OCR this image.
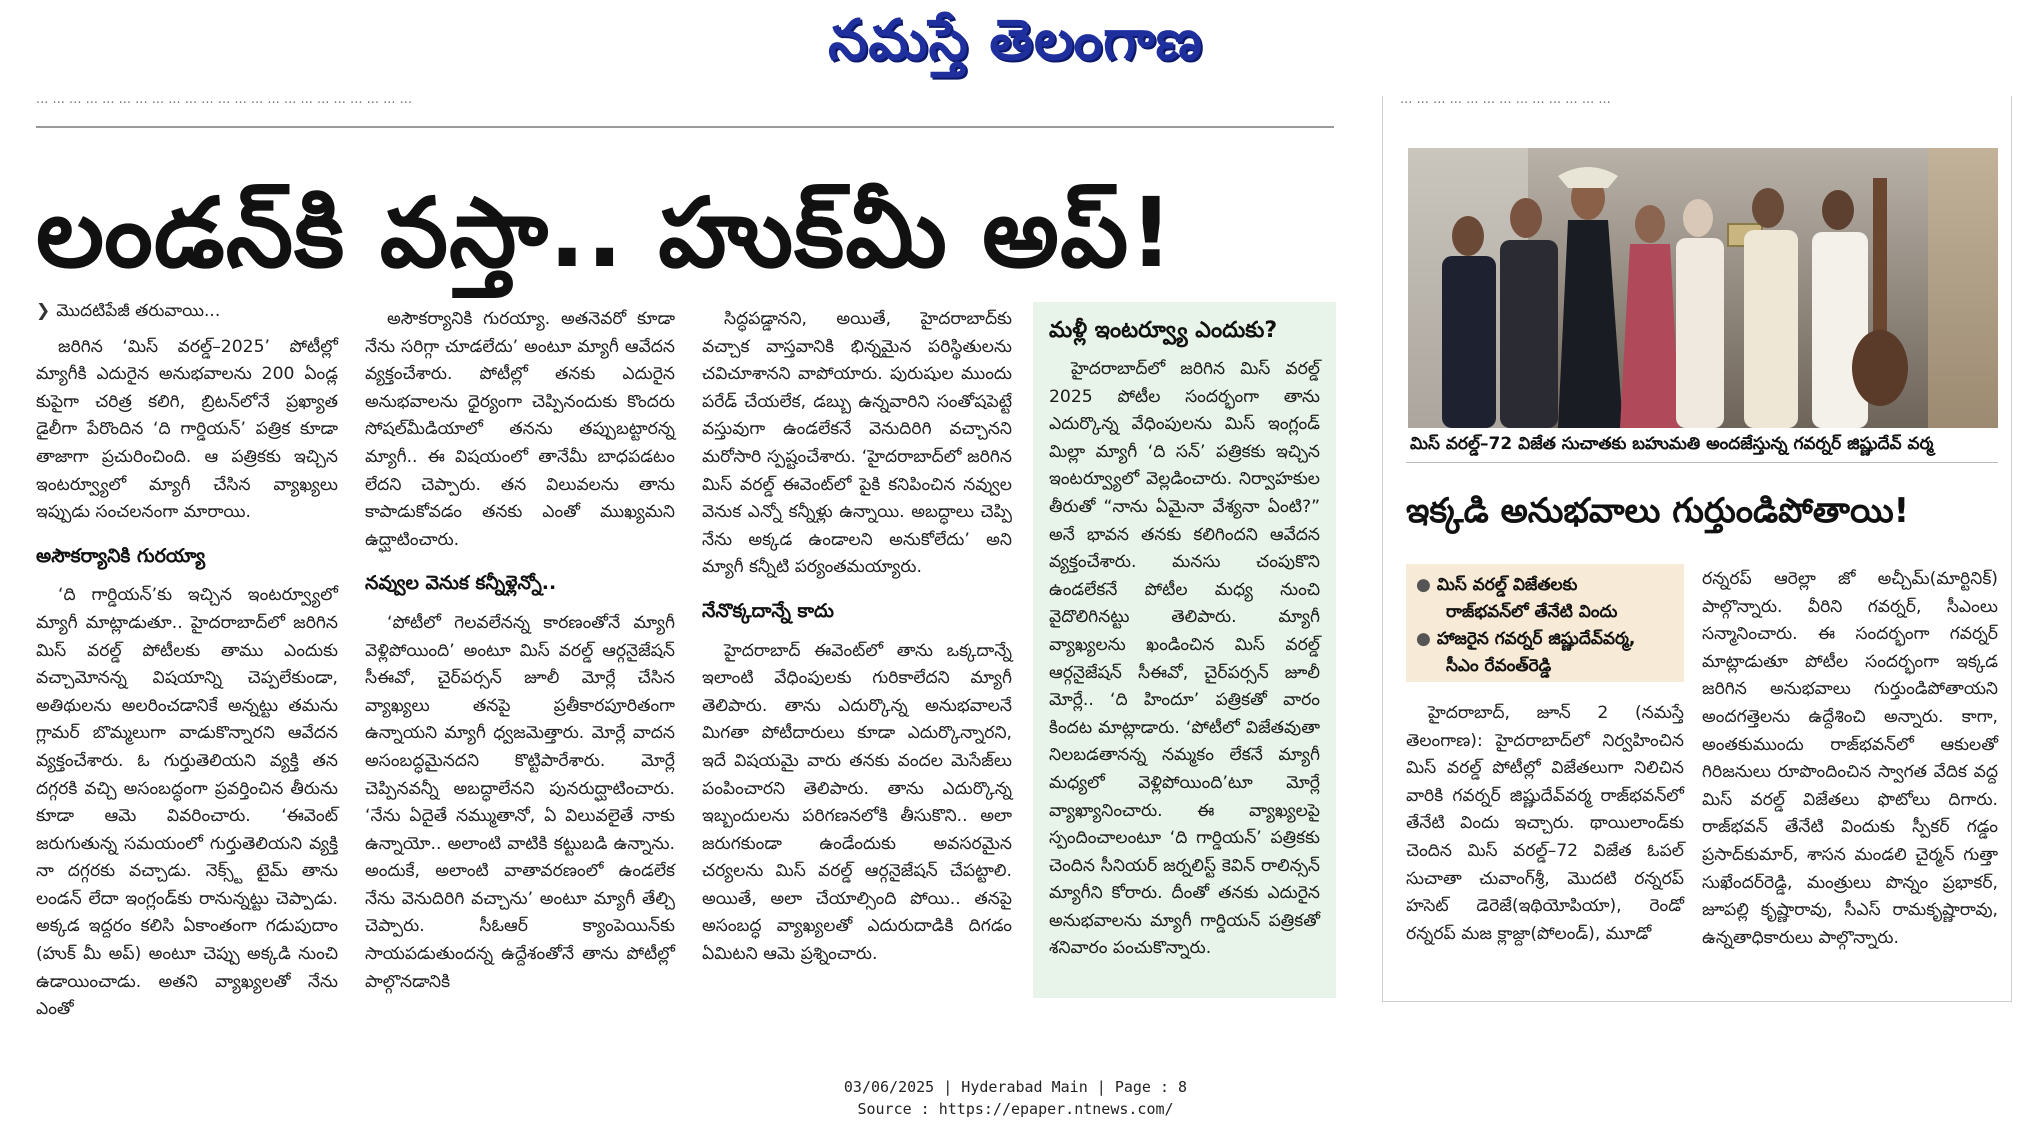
నమస్తే తెలంగాణ
... ... ... ... ... ... ... ... ... ... ... ... ... ... ... ... ... ... ... ... ... ... ...	... ... ... ... ... ... ... ... ... ... ... ... ...
లండన్‌కి వస్తా.. హుక్‌మీ అప్!

❯ మొదటిపేజీ తరువాయి...

జరిగిన ‘మిస్ వరల్డ్–2025’ పోటీల్లో మ్యాగీకి ఎదురైన అనుభవాలను 200 ఏండ్ల కుపైగా చరిత్ర కలిగి, బ్రిటన్‌లోనే ప్రఖ్యాత డైలీగా పేరొందిన ‘ది గార్డియన్’ పత్రిక కూడా తాజాగా ప్రచురించింది. ఆ పత్రికకు ఇచ్చిన ఇంటర్వ్యూలో మ్యాగీ చేసిన వ్యాఖ్యలు ఇప్పుడు సంచలనంగా మారాయి.

అసౌకర్యానికి గురయ్యా

‘ది గార్డియన్’కు ఇచ్చిన ఇంటర్వ్యూలో మ్యాగీ మాట్లాడుతూ.. హైదరాబాద్‌లో జరిగిన మిస్ వరల్డ్ పోటీలకు తాము ఎందుకు వచ్చామోనన్న విషయాన్ని చెప్పలేకుండా, అతిథులను అలరించడానికే అన్నట్టు తమను గ్లామర్ బొమ్మలుగా వాడుకొన్నారని ఆవేదన వ్యక్తంచేశారు. ఓ గుర్తుతెలియని వ్యక్తి తన దగ్గరకి వచ్చి అసంబద్ధంగా ప్రవర్తించిన తీరును కూడా ఆమె వివరించారు. ‘ఈవెంట్ జరుగుతున్న సమయంలో గుర్తుతెలియని వ్యక్తి నా దగ్గరకు వచ్చాడు. నెక్స్ట్ టైమ్ తాను లండన్ లేదా ఇంగ్లండ్‌కు రానున్నట్టు చెప్పాడు. అక్కడ ఇద్దరం కలిసి ఏకాంతంగా గడుపుదాం (హుక్ మీ అప్) అంటూ చెప్పు అక్కడి నుంచి ఉడాయించాడు. అతని వ్యాఖ్యలతో నేను ఎంతో

అసౌకర్యానికి గురయ్యా. అతనెవరో కూడా నేను సరిగ్గా చూడలేదు’ అంటూ మ్యాగీ ఆవేదన వ్యక్తంచేశారు. పోటీల్లో తనకు ఎదురైన అనుభవాలను ధైర్యంగా చెప్పినందుకు కొందరు సోషల్‌మీడియాలో తనను తప్పుబట్టారన్న మ్యాగీ.. ఈ విషయంలో తానేమీ బాధపడటం లేదని చెప్పారు. తన విలువలను తాను కాపాడుకోవడం తనకు ఎంతో ముఖ్యమని ఉద్ఘాటించారు.

నవ్వుల వెనుక కన్నీళ్లెన్నో..

‘పోటీలో గెలవలేనన్న కారణంతోనే మ్యాగీ వెళ్లిపోయింది’ అంటూ మిస్ వరల్డ్ ఆర్గనైజేషన్ సీఈవో, చైర్‌పర్సన్ జూలీ మోర్లే చేసిన వ్యాఖ్యలు తనపై ప్రతీకారపూరితంగా ఉన్నాయని మ్యాగీ ధ్వజమెత్తారు. మోర్లే వాదన అసంబద్ధమైనదని కొట్టిపారేశారు. మోర్లే చెప్పినవన్నీ అబద్ధాలేనని పునరుద్ఘాటించారు. ‘నేను ఏదైతే నమ్ముతానో, ఏ విలువలైతే నాకు ఉన్నాయో.. అలాంటి వాటికి కట్టుబడి ఉన్నాను. అందుకే, అలాంటి వాతావరణంలో ఉండలేక నేను వెనుదిరిగి వచ్చాను’ అంటూ మ్యాగీ తేల్చి చెప్పారు. సీఓఆర్ క్యాంపెయిన్‌కు సాయపడుతుందన్న ఉద్దేశంతోనే తాను పోటీల్లో పాల్గొనడానికి

సిద్ధపడ్డానని, అయితే, హైదరాబాద్‌కు వచ్చాక వాస్తవానికి భిన్నమైన పరిస్థితులను చవిచూశానని వాపోయారు. పురుషుల ముందు పరేడ్ చేయలేక, డబ్బు ఉన్నవారిని సంతోషపెట్టే వస్తువుగా ఉండలేకనే వెనుదిరిగి వచ్చానని మరోసారి స్పష్టంచేశారు. ‘హైదరాబాద్‌లో జరిగిన మిస్ వరల్డ్ ఈవెంట్‌లో పైకి కనిపించిన నవ్వుల వెనుక ఎన్నో కన్నీళ్లు ఉన్నాయి. అబద్ధాలు చెప్పి నేను అక్కడ ఉండాలని అనుకోలేదు’ అని మ్యాగీ కన్నీటి పర్యంతమయ్యారు.

నేనొక్కదాన్నే కాదు

హైదరాబాద్ ఈవెంట్‌లో తాను ఒక్కదాన్నే ఇలాంటి వేధింపులకు గురికాలేదని మ్యాగీ తెలిపారు. తాను ఎదుర్కొన్న అనుభవాలనే మిగతా పోటీదారులు కూడా ఎదుర్కొన్నారని, ఇదే విషయమై వారు తనకు వందల మెసేజ్‌లు పంపించారని తెలిపారు. తాను ఎదుర్కొన్న ఇబ్బందులను పరిగణనలోకి తీసుకొని.. అలా జరుగకుండా ఉండేందుకు అవసరమైన చర్యలను మిస్ వరల్డ్ ఆర్గనైజేషన్ చేపట్టాలి. అయితే, అలా చేయాల్సింది పోయి.. తనపై అసంబద్ధ వ్యాఖ్యలతో ఎదురుదాడికి దిగడం ఏమిటని ఆమె ప్రశ్నించారు.

మళ్లీ ఇంటర్వ్యూ ఎందుకు?

హైదరాబాద్‌లో జరిగిన మిస్ వరల్డ్ 2025 పోటీల సందర్భంగా తాను ఎదుర్కొన్న వేధింపులను మిస్ ఇంగ్లండ్ మిల్లా మ్యాగీ ‘ది సన్’ పత్రికకు ఇచ్చిన ఇంటర్వ్యూలో వెల్లడించారు. నిర్వాహకుల తీరుతో “నాను ఏమైనా వేశ్యనా ఏంటి?” అనే భావన తనకు కలిగిందని ఆవేదన వ్యక్తంచేశారు. మనసు చంపుకొని ఉండలేకనే పోటీల మధ్య నుంచి వైదొలిగినట్టు తెలిపారు. మ్యాగీ వ్యాఖ్యలను ఖండించిన మిస్ వరల్డ్ ఆర్గనైజేషన్ సీఈవో, చైర్‌పర్సన్ జూలీ మోర్లే.. ‘ది హిందూ’ పత్రికతో వారం కిందట మాట్లాడారు. ‘పోటీలో విజేతవుతా నిలబడతానన్న నమ్మకం లేకనే మ్యాగీ మధ్యలో వెళ్లిపోయింది’టూ మోర్లే వ్యాఖ్యానించారు. ఈ వ్యాఖ్యలపై స్పందించాలంటూ ‘ది గార్డియన్’ పత్రికకు చెందిన సీనియర్ జర్నలిస్ట్ కెవిన్ రాలిన్సన్ మ్యాగీని కోరారు. దీంతో తనకు ఎదురైన అనుభవాలను మ్యాగీ గార్డియన్ పత్రికతో శనివారం పంచుకొన్నారు.

మిస్ వరల్డ్–72 విజేత సుచాతకు బహుమతి అందజేస్తున్న గవర్నర్ జిష్ణుదేవ్ వర్మ
ఇక్కడి అనుభవాలు గుర్తుండిపోతాయి!
● మిస్ వరల్డ్ విజేతలకు
రాజ్‌భవన్‌లో తేనేటి విందు
● హాజరైన గవర్నర్ జిష్ణుదేవ్‌వర్మ,
సీఎం రేవంత్‌రెడ్డి

హైదరాబాద్, జూన్ 2 (నమస్తే తెలంగాణ): హైదరాబాద్‌లో నిర్వహించిన మిస్ వరల్డ్ పోటీల్లో విజేతలుగా నిలిచిన వారికి గవర్నర్ జిష్ణుదేవ్‌వర్మ రాజ్‌భవన్‌లో తేనేటి విందు ఇచ్చారు. థాయిలాండ్‌కు చెందిన మిస్ వరల్డ్–72 విజేత ఓపల్ సుచాతా చువాంగ్‌శ్రీ, మొదటి రన్నరప్ హసెట్ డెరెజే(ఇథియోపియా), రెండో రన్నరప్ మజ క్లాజ్దా(పోలండ్), మూడో

రన్నరప్ ఆరెల్లా జో అచ్చీమ్(మార్టినిక్) పాల్గొన్నారు. వీరిని గవర్నర్, సీఎంలు సన్మానించారు. ఈ సందర్భంగా గవర్నర్ మాట్లాడుతూ పోటీల సందర్భంగా ఇక్కడ జరిగిన అనుభవాలు గుర్తుండిపోతాయని అందగత్తెలను ఉద్దేశించి అన్నారు. కాగా, అంతకుముందు రాజ్‌భవన్‌లో ఆకులతో గిరిజనులు రూపొందించిన స్వాగత వేదిక వద్ద మిస్ వరల్డ్ విజేతలు ఫొటోలు దిగారు. రాజ్‌భవన్ తేనేటి విందుకు స్పీకర్ గడ్డం ప్రసాద్‌కుమార్, శాసన మండలి చైర్మన్ గుత్తా సుఖేందర్‌రెడ్డి, మంత్రులు పొన్నం ప్రభాకర్, జూపల్లి కృష్ణారావు, సీఎస్ రామకృష్ణారావు, ఉన్నతాధికారులు పాల్గొన్నారు.

03/06/2025 | Hyderabad Main | Page : 8
Source : https://epaper.ntnews.com/
